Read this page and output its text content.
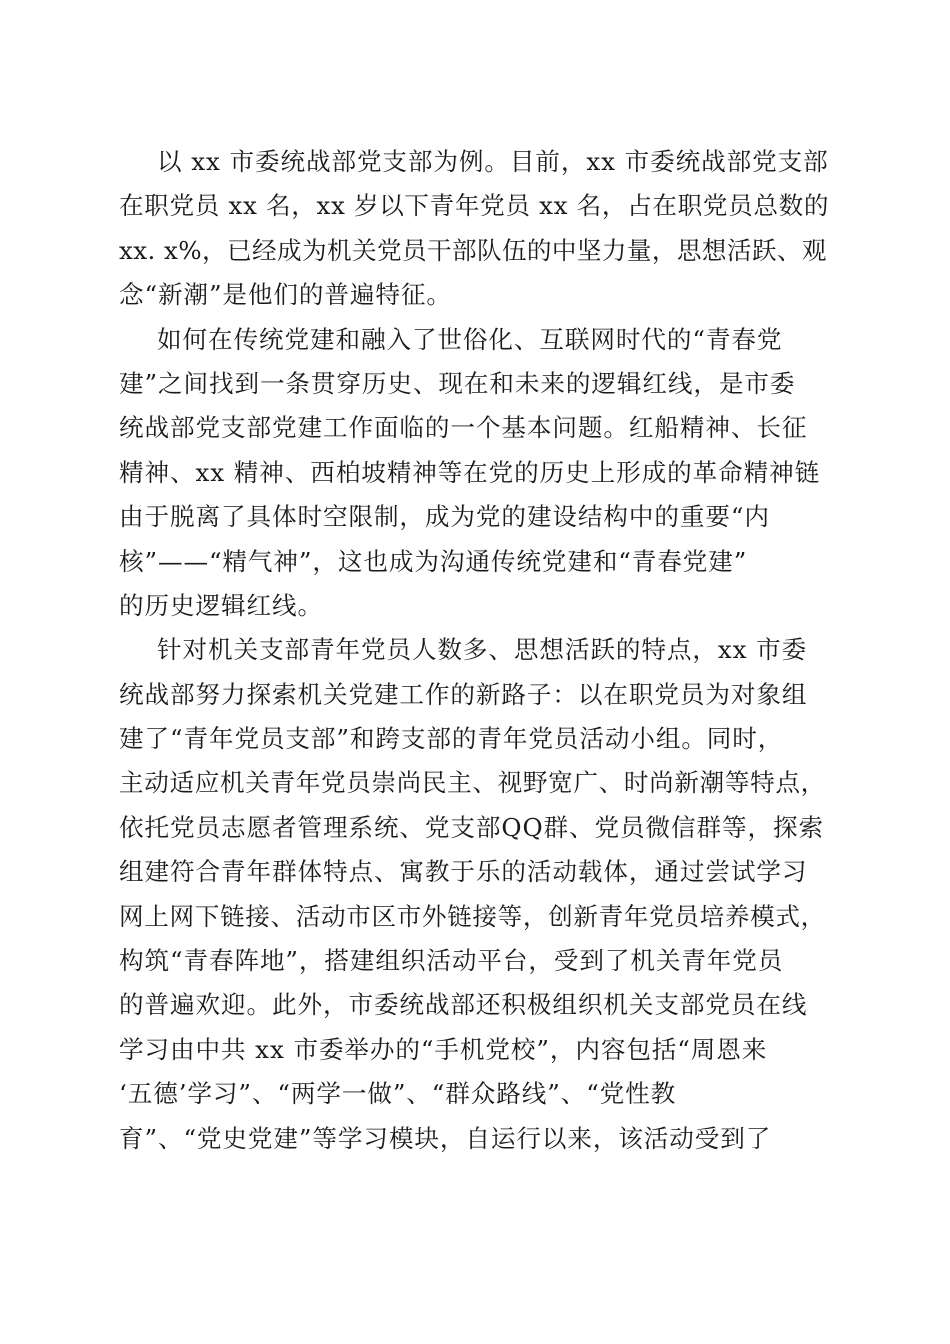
以 xx 市委统战部党支部为例。目前，xx 市委统战部党支部
在职党员 xx 名，xx 岁以下青年党员 xx 名，占在职党员总数的
xx. x%，已经成为机关党员干部队伍的中坚力量，思想活跃、观
念“新潮”是他们的普遍特征。
如何在传统党建和融入了世俗化、互联网时代的“青春党
建”之间找到一条贯穿历史、现在和未来的逻辑红线，是市委
统战部党支部党建工作面临的一个基本问题。红船精神、长征
精神、xx 精神、西柏坡精神等在党的历史上形成的革命精神链
由于脱离了具体时空限制，成为党的建设结构中的重要“内
核”——“精气神”，这也成为沟通传统党建和“青春党建”
的历史逻辑红线。
针对机关支部青年党员人数多、思想活跃的特点，xx 市委
统战部努力探索机关党建工作的新路子：以在职党员为对象组
建了“青年党员支部”和跨支部的青年党员活动小组。同时，
主动适应机关青年党员崇尚民主、视野宽广、时尚新潮等特点，
依托党员志愿者管理系统、党支部QQ群、党员微信群等，探索
组建符合青年群体特点、寓教于乐的活动载体，通过尝试学习
网上网下链接、活动市区市外链接等，创新青年党员培养模式，
构筑“青春阵地”，搭建组织活动平台，受到了机关青年党员
的普遍欢迎。此外，市委统战部还积极组织机关支部党员在线
学习由中共 xx 市委举办的“手机党校”，内容包括“周恩来
‘五德’学习”、“两学一做”、“群众路线”、“党性教
育”、“党史党建”等学习模块，自运行以来，该活动受到了
